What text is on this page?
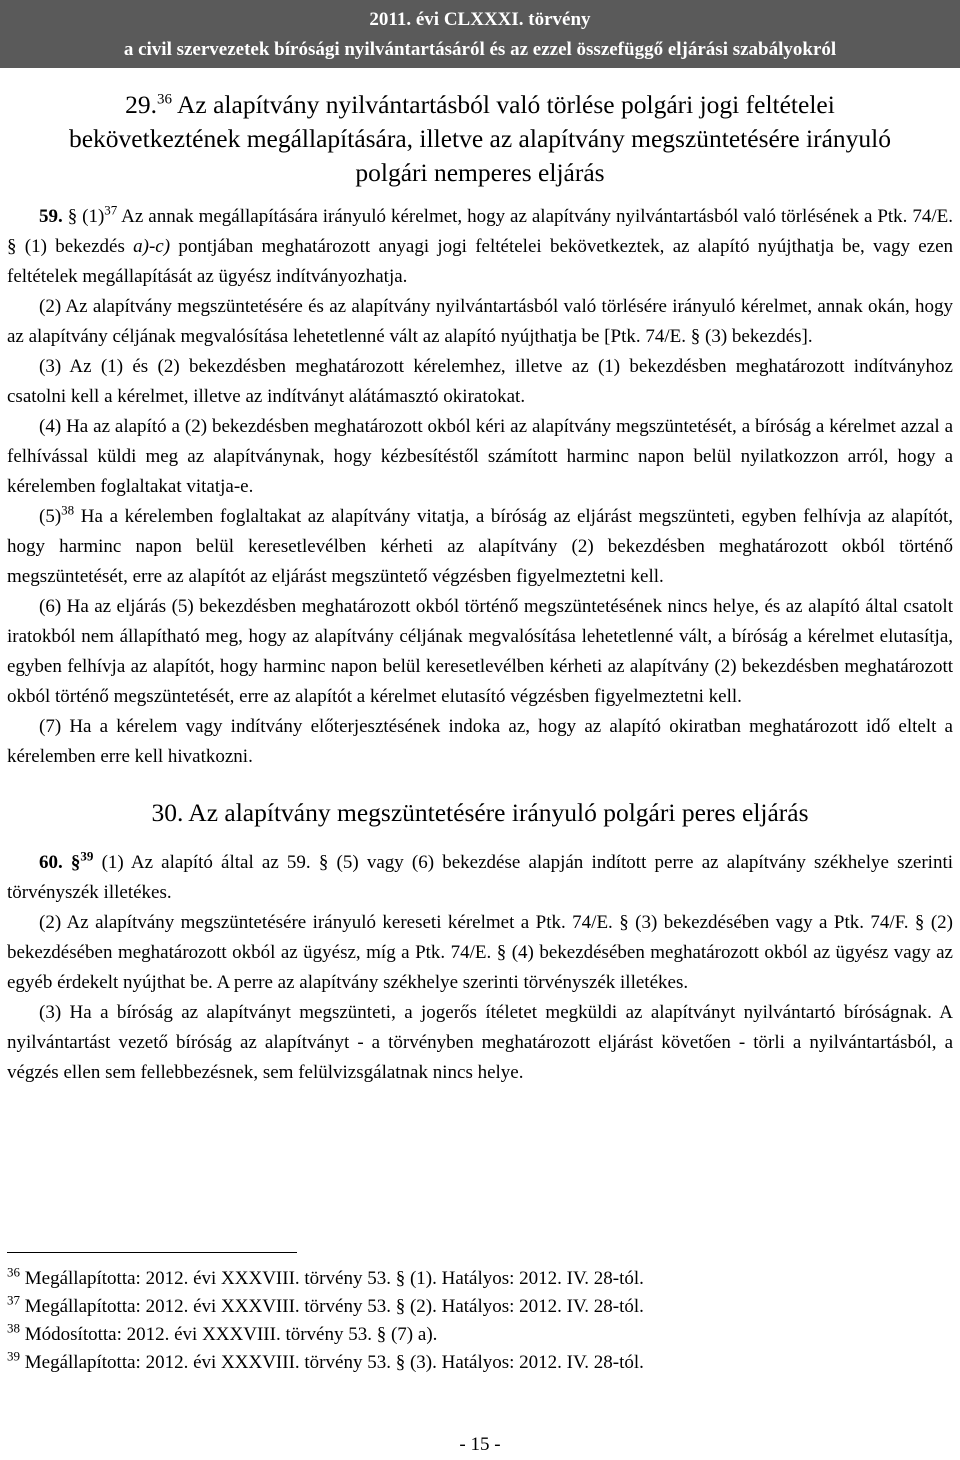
2011. évi CLXXXI. törvény
a civil szervezetek bírósági nyilvántartásáról és az ezzel összefüggő eljárási szabályokról
29.36 Az alapítvány nyilvántartásból való törlése polgári jogi feltételei
bekövetkeztének megállapítására, illetve az alapítvány megszüntetésére irányuló
polgári nemperes eljárás

59. § $(1)^{37}$ Az annak megállapítására irányuló kérelmet, hogy az alapítvány nyilvántartásból való törlésének a Ptk. 74/E. § (1) bekezdés a)-c) pontjában meghatározott anyagi jogi feltételei bekövetkeztek, az alapító nyújthatja be, vagy ezen feltételek megállapítását az ügyész indítványozhatja.

(2) Az alapítvány megszüntetésére és az alapítvány nyilvántartásból való törlésére irányuló kérelmet, annak okán, hogy az alapítvány céljának megvalósítása lehetetlenné vált az alapító nyújthatja be [Ptk. 74/E. § (3) bekezdés].

(3) Az (1) és (2) bekezdésben meghatározott kérelemhez, illetve az (1) bekezdésben meghatározott indítványhoz csatolni kell a kérelmet, illetve az indítványt alátámasztó okiratokat.

(4) Ha az alapító a (2) bekezdésben meghatározott okból kéri az alapítvány megszüntetését, a bíróság a kérelmet azzal a felhívással küldi meg az alapítványnak, hogy kézbesítéstől számított harminc napon belül nyilatkozzon arról, hogy a kérelemben foglaltakat vitatja-e.

$(5)^{38}$ Ha a kérelemben foglaltakat az alapítvány vitatja, a bíróság az eljárást megszünteti, egyben felhívja az alapítót, hogy harminc napon belül keresetlevélben kérheti az alapítvány (2) bekezdésben meghatározott okból történő megszüntetését, erre az alapítót az eljárást megszüntető végzésben figyelmeztetni kell.

(6) Ha az eljárás (5) bekezdésben meghatározott okból történő megszüntetésének nincs helye, és az alapító által csatolt iratokból nem állapítható meg, hogy az alapítvány céljának megvalósítása lehetetlenné vált, a bíróság a kérelmet elutasítja, egyben felhívja az alapítót, hogy harminc napon belül keresetlevélben kérheti az alapítvány (2) bekezdésben meghatározott okból történő megszüntetését, erre az alapítót a kérelmet elutasító végzésben figyelmeztetni kell.

(7) Ha a kérelem vagy indítvány előterjesztésének indoka az, hogy az alapító okiratban meghatározott idő eltelt a kérelemben erre kell hivatkozni.

30. Az alapítvány megszüntetésére irányuló polgári peres eljárás

60. §$^{39}$ (1) Az alapító által az 59. § (5) vagy (6) bekezdése alapján indított perre az alapítvány székhelye szerinti törvényszék illetékes.

(2) Az alapítvány megszüntetésére irányuló kereseti kérelmet a Ptk. 74/E. § (3) bekezdésében vagy a Ptk. 74/F. § (2) bekezdésében meghatározott okból az ügyész, míg a Ptk. 74/E. § (4) bekezdésében meghatározott okból az ügyész vagy az egyéb érdekelt nyújthat be. A perre az alapítvány székhelye szerinti törvényszék illetékes.

(3) Ha a bíróság az alapítványt megszünteti, a jogerős ítéletet megküldi az alapítványt nyilvántartó bíróságnak. A nyilvántartást vezető bíróság az alapítványt - a törvényben meghatározott eljárást követően - törli a nyilvántartásból, a végzés ellen sem fellebbezésnek, sem felülvizsgálatnak nincs helye.

$^{36}$ Megállapította: 2012. évi XXXVIII. törvény 53. § (1). Hatályos: 2012. IV. 28-tól.
$^{37}$ Megállapította: 2012. évi XXXVIII. törvény 53. § (2). Hatályos: 2012. IV. 28-tól.
$^{38}$ Módosította: 2012. évi XXXVIII. törvény 53. § (7) a).
$^{39}$ Megállapította: 2012. évi XXXVIII. törvény 53. § (3). Hatályos: 2012. IV. 28-tól.
- 15 -
